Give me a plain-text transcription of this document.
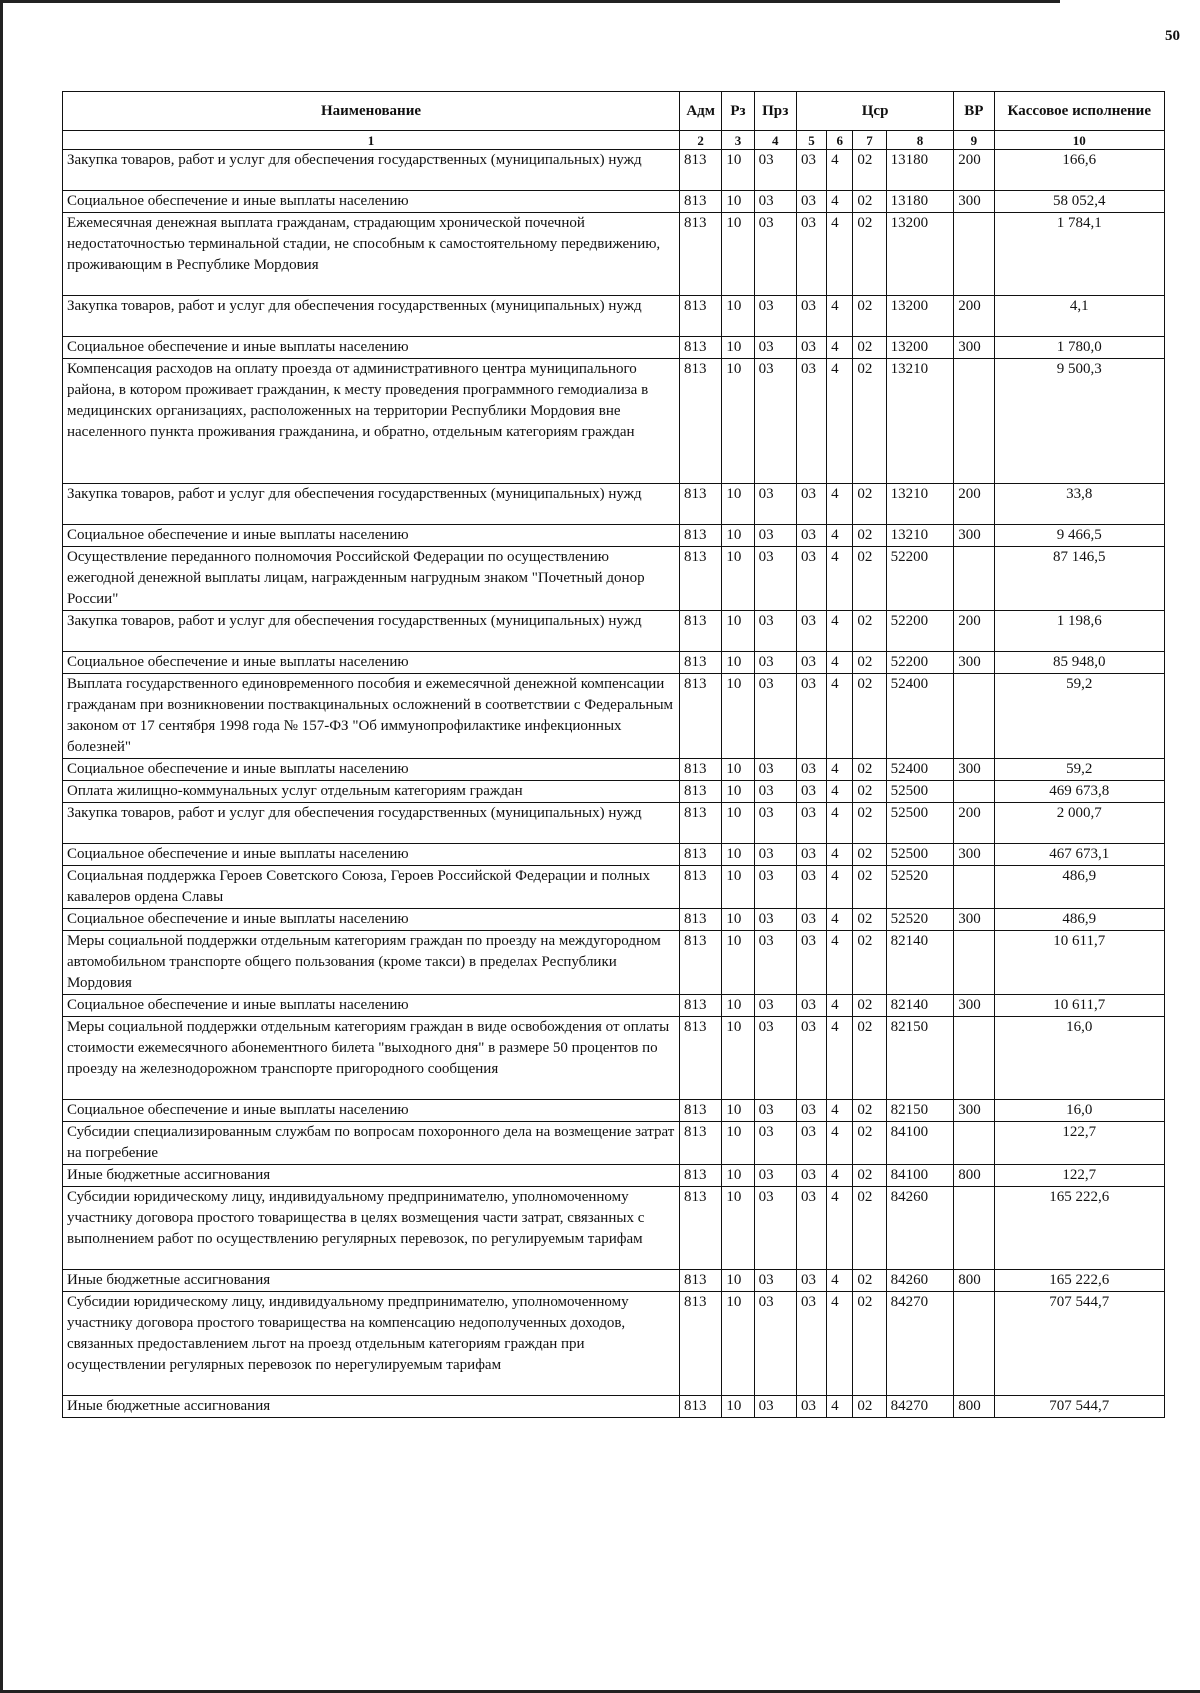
50
Наименование	Адм	Рз	Прз	Цср				ВР	Кассовое исполнение
1	2	3	4	5	6	7	8	9	10
Закупка товаров, работ и услуг для обеспечения государственных (муниципальных) нужд	813	10	03	03	4	02	13180	200	166,6
Социальное обеспечение и иные выплаты населению	813	10	03	03	4	02	13180	300	58 052,4
Ежемесячная денежная выплата гражданам, страдающим хронической почечной недостаточностью терминальной стадии, не способным к самостоятельному передвижению, проживающим в Республике Мордовия	813	10	03	03	4	02	13200		1 784,1
Закупка товаров, работ и услуг для обеспечения государственных (муниципальных) нужд	813	10	03	03	4	02	13200	200	4,1
Социальное обеспечение и иные выплаты населению	813	10	03	03	4	02	13200	300	1 780,0
Компенсация расходов на оплату проезда от административного центра муниципального района, в котором проживает гражданин, к месту проведения программного гемодиализа в медицинских организациях, расположенных на территории Республики Мордовия вне населенного пункта проживания гражданина, и обратно, отдельным категориям граждан	813	10	03	03	4	02	13210		9 500,3
Закупка товаров, работ и услуг для обеспечения государственных (муниципальных) нужд	813	10	03	03	4	02	13210	200	33,8
Социальное обеспечение и иные выплаты населению	813	10	03	03	4	02	13210	300	9 466,5
Осуществление переданного полномочия Российской Федерации по осуществлению ежегодной денежной выплаты лицам, награжденным нагрудным знаком "Почетный донор России"	813	10	03	03	4	02	52200		87 146,5
Закупка товаров, работ и услуг для обеспечения государственных (муниципальных) нужд	813	10	03	03	4	02	52200	200	1 198,6
Социальное обеспечение и иные выплаты населению	813	10	03	03	4	02	52200	300	85 948,0
Выплата государственного единовременного пособия и ежемесячной денежной компенсации гражданам при возникновении поствакцинальных осложнений в соответствии с Федеральным законом от 17 сентября 1998 года № 157-ФЗ "Об иммунопрофилактике инфекционных болезней"	813	10	03	03	4	02	52400		59,2
Социальное обеспечение и иные выплаты населению	813	10	03	03	4	02	52400	300	59,2
Оплата жилищно-коммунальных услуг отдельным категориям граждан	813	10	03	03	4	02	52500		469 673,8
Закупка товаров, работ и услуг для обеспечения государственных (муниципальных) нужд	813	10	03	03	4	02	52500	200	2 000,7
Социальное обеспечение и иные выплаты населению	813	10	03	03	4	02	52500	300	467 673,1
Социальная поддержка Героев Советского Союза, Героев Российской Федерации и полных кавалеров ордена Славы	813	10	03	03	4	02	52520		486,9
Социальное обеспечение и иные выплаты населению	813	10	03	03	4	02	52520	300	486,9
Меры социальной поддержки отдельным категориям граждан по проезду на междугородном автомобильном транспорте общего пользования (кроме такси) в пределах Республики Мордовия	813	10	03	03	4	02	82140		10 611,7
Социальное обеспечение и иные выплаты населению	813	10	03	03	4	02	82140	300	10 611,7
Меры социальной поддержки отдельным категориям граждан в виде освобождения от оплаты стоимости ежемесячного абонементного билета "выходного дня" в размере 50 процентов по проезду на железнодорожном транспорте пригородного сообщения	813	10	03	03	4	02	82150		16,0
Социальное обеспечение и иные выплаты населению	813	10	03	03	4	02	82150	300	16,0
Субсидии специализированным службам по вопросам похоронного дела на возмещение затрат на погребение	813	10	03	03	4	02	84100		122,7
Иные бюджетные ассигнования	813	10	03	03	4	02	84100	800	122,7
Субсидии юридическому лицу, индивидуальному предпринимателю, уполномоченному участнику договора простого товарищества в целях возмещения части затрат, связанных с выполнением работ по осуществлению регулярных перевозок, по регулируемым тарифам	813	10	03	03	4	02	84260		165 222,6
Иные бюджетные ассигнования	813	10	03	03	4	02	84260	800	165 222,6
Субсидии юридическому лицу, индивидуальному предпринимателю, уполномоченному участнику договора простого товарищества на компенсацию недополученных доходов, связанных предоставлением льгот на проезд отдельным категориям граждан при осуществлении регулярных перевозок по нерегулируемым тарифам	813	10	03	03	4	02	84270		707 544,7
Иные бюджетные ассигнования	813	10	03	03	4	02	84270	800	707 544,7
